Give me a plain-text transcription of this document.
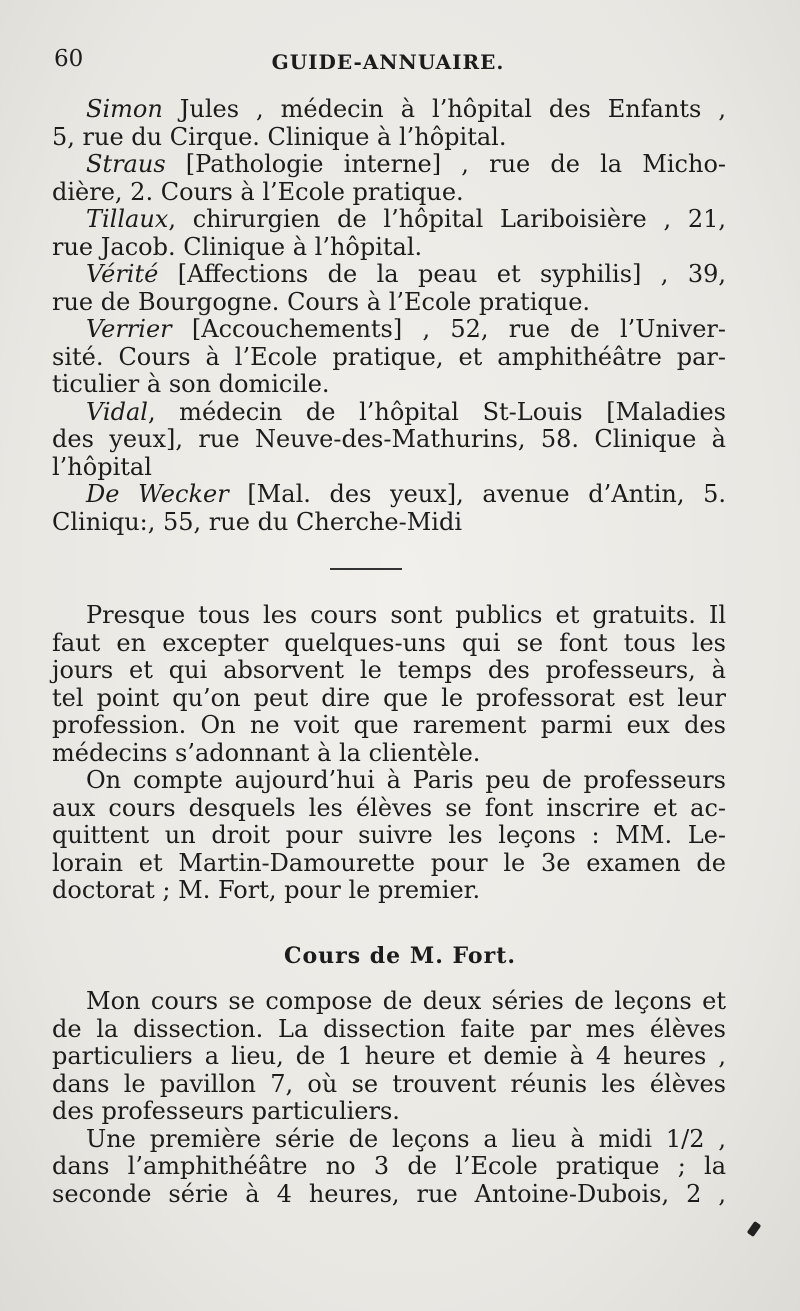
60	GUIDE-ANNUAIRE.
Simon Jules , médecin à l’hôpital des Enfants ,
5, rue du Cirque. Clinique à l’hôpital.
Straus [Pathologie interne] , rue de la Micho-
dière, 2. Cours à l’Ecole pratique.
Tillaux, chirurgien de l’hôpital Lariboisière , 21,
rue Jacob. Clinique à l’hôpital.
Vérité [Affections de la peau et syphilis] , 39,
rue de Bourgogne. Cours à l’Ecole pratique.
Verrier [Accouchements] , 52, rue de l’Univer-
sité. Cours à l’Ecole pratique, et amphithéâtre par-
ticulier à son domicile.
Vidal, médecin de l’hôpital St-Louis [Maladies
des yeux], rue Neuve-des-Mathurins, 58. Clinique à
l’hôpital
De Wecker [Mal. des yeux], avenue d’Antin, 5.
Cliniqu:, 55, rue du Cherche-Midi
Presque tous les cours sont publics et gratuits. Il
faut en excepter quelques-uns qui se font tous les
jours et qui absorvent le temps des professeurs, à
tel point qu’on peut dire que le professorat est leur
profession. On ne voit que rarement parmi eux des
médecins s’adonnant à la clientèle.
On compte aujourd’hui à Paris peu de professeurs
aux cours desquels les élèves se font inscrire et ac-
quittent un droit pour suivre les leçons : MM. Le-
lorain et Martin-Damourette pour le 3e examen de
doctorat ; M. Fort, pour le premier.
Cours de M. Fort.
Mon cours se compose de deux séries de leçons et
de la dissection. La dissection faite par mes élèves
particuliers a lieu, de 1 heure et demie à 4 heures ,
dans le pavillon 7, où se trouvent réunis les élèves
des professeurs particuliers.
Une première série de leçons a lieu à midi 1/2 ,
dans l’amphithéâtre no 3 de l’Ecole pratique ; la
seconde série à 4 heures, rue Antoine-Dubois, 2 ,
